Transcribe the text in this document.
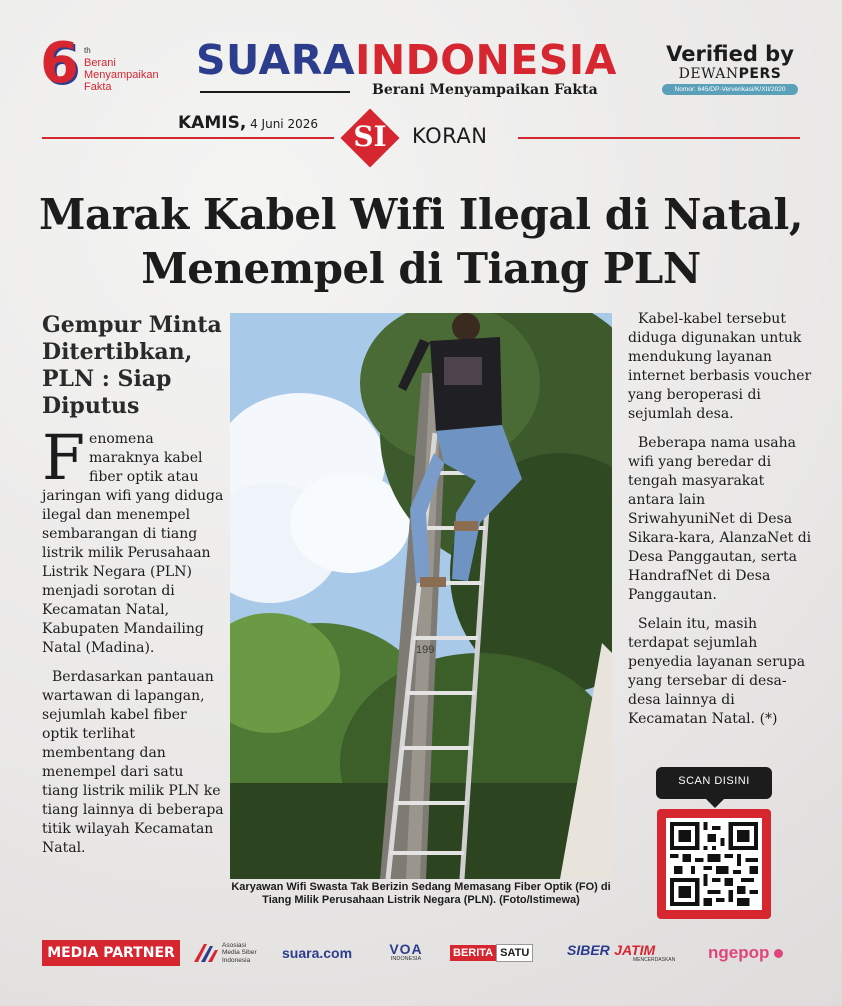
6 th
Berani Menyampaikan Fakta
SUARAINDONESIA
Berani Menyampaikan Fakta
Verified by
DEWANPERS
Nomor: 645/DP-Ververikasi/K/XII/2020
KAMIS, 4 Juni 2026	SI	KORAN
Marak Kabel Wifi Ilegal di Natal, Menempel di Tiang PLN
Gempur Minta Ditertibkan, PLN : Siap Diputus

Fenomena maraknya kabel fiber optik atau jaringan wifi yang diduga ilegal dan menempel sembarangan di tiang listrik milik Perusahaan Listrik Negara (PLN) menjadi sorotan di Kecamatan Natal, Kabupaten Mandailing Natal (Madina).

Berdasarkan pantauan wartawan di lapangan, sejumlah kabel fiber optik terlihat membentang dan menempel dari satu tiang listrik milik PLN ke tiang lainnya di beberapa titik wilayah Kecamatan Natal.

199
Karyawan Wifi Swasta Tak Berizin Sedang Memasang Fiber Optik (FO) di Tiang Milik Perusahaan Listrik Negara (PLN). (Foto/Istimewa)

Kabel-kabel tersebut diduga digunakan untuk mendukung layanan internet berbasis voucher yang beroperasi di sejumlah desa.

Beberapa nama usaha wifi yang beredar di tengah masyarakat antara lain SriwahyuniNet di Desa Sikara-kara, AlanzaNet di Desa Panggautan, serta HandrafNet di Desa Panggautan.

Selain itu, masih terdapat sejumlah penyedia layanan serupa yang tersebar di desa-desa lainnya di Kecamatan Natal. (*)

SCAN DISINI
MEDIA PARTNER	Asosiasi
Media Siber
Indonesia	suara.com	VOA
INDONESIA	BERITA SATU	SIBER JATIM
MENCERDASKAN ngepop
